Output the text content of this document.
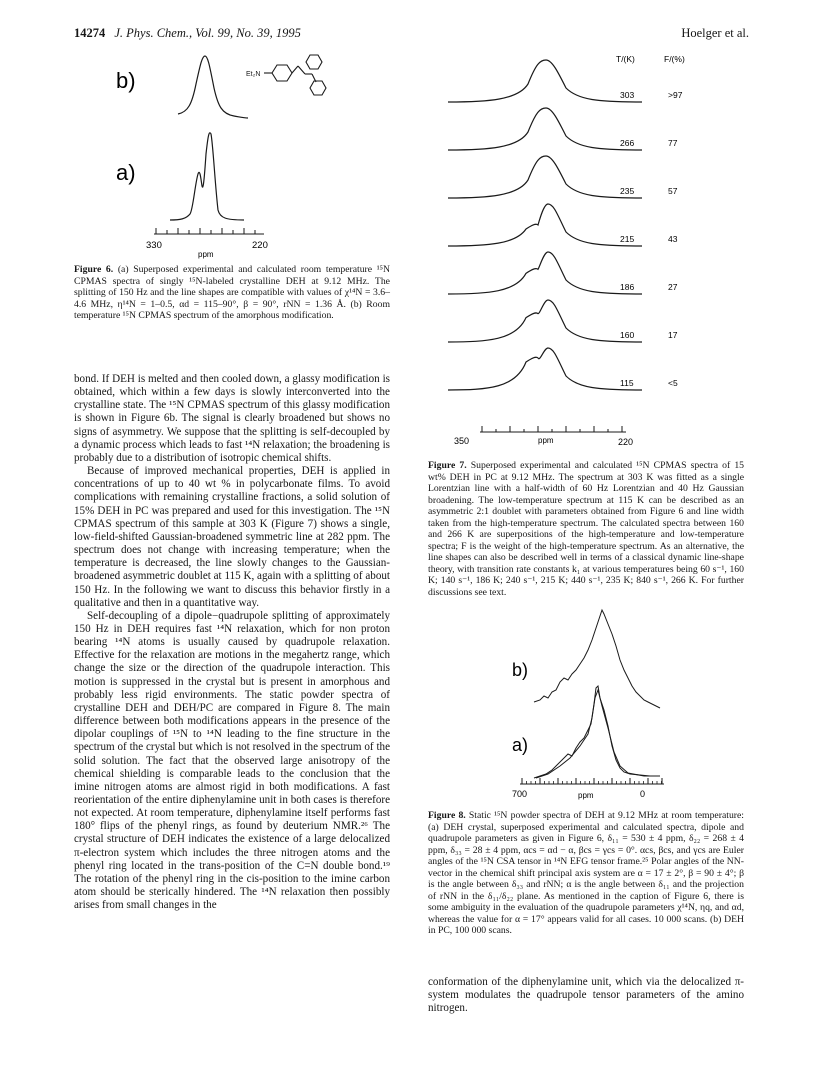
14274 J. Phys. Chem., Vol. 99, No. 39, 1995	Hoelger et al.
b)	Et₂N
a)
330	220
ppm
Figure 6. (a) Superposed experimental and calculated room temperature ¹⁵N CPMAS spectra of singly ¹⁵N-labeled crystalline DEH at 9.12 MHz. The splitting of 150 Hz and the line shapes are compatible with values of χ¹⁴N = 3.6–4.6 MHz, η¹⁴N = 1–0.5, αd = 115–90°, β = 90°, rNN = 1.36 Å. (b) Room temperature ¹⁵N CPMAS spectrum of the amorphous modification.

bond. If DEH is melted and then cooled down, a glassy modification is obtained, which within a few days is slowly interconverted into the crystalline state. The ¹⁵N CPMAS spectrum of this glassy modification is shown in Figure 6b. The signal is clearly broadened but shows no signs of asymmetry. We suppose that the splitting is self-decoupled by a dynamic process which leads to fast ¹⁴N relaxation; the broadening is probably due to a distribution of isotropic chemical shifts.

Because of improved mechanical properties, DEH is applied in concentrations of up to 40 wt % in polycarbonate films. To avoid complications with remaining crystalline fractions, a solid solution of 15% DEH in PC was prepared and used for this investigation. The ¹⁵N CPMAS spectrum of this sample at 303 K (Figure 7) shows a single, low-field-shifted Gaussian-broadened symmetric line at 282 ppm. The spectrum does not change with increasing temperature; when the temperature is decreased, the line slowly changes to the Gaussian-broadened asymmetric doublet at 115 K, again with a splitting of about 150 Hz. In the following we want to discuss this behavior firstly in a qualitative and then in a quantitative way.

Self-decoupling of a dipole−quadrupole splitting of approximately 150 Hz in DEH requires fast ¹⁴N relaxation, which for non proton bearing ¹⁴N atoms is usually caused by quadrupole relaxation. Effective for the relaxation are motions in the megahertz range, which change the size or the direction of the quadrupole interaction. This motion is suppressed in the crystal but is present in amorphous and probably less rigid environments. The static powder spectra of crystalline DEH and DEH/PC are compared in Figure 8. The main difference between both modifications appears in the presence of the dipolar couplings of ¹⁵N to ¹⁴N leading to the fine structure in the spectrum of the crystal but which is not resolved in the spectrum of the solid solution. The fact that the observed large anisotropy of the chemical shielding is comparable leads to the conclusion that the imine nitrogen atoms are almost rigid in both modifications. A fast reorientation of the entire diphenylamine unit in both cases is therefore not expected. At room temperature, diphenylamine itself performs fast 180° flips of the phenyl rings, as found by deuterium NMR.²⁶ The crystal structure of DEH indicates the existence of a large delocalized π-electron system which includes the three nitrogen atoms and the phenyl ring located in the trans-position of the C=N double bond.¹⁹ The rotation of the phenyl ring in the cis-position to the imine carbon atom should be sterically hindered. The ¹⁴N relaxation then possibly arises from small changes in the

T/(K)	F/(%)
303	>97
266	77
235	57
215	43
186	27
160	17
115	<5
350	220
ppm
Figure 7. Superposed experimental and calculated ¹⁵N CPMAS spectra of 15 wt% DEH in PC at 9.12 MHz. The spectrum at 303 K was fitted as a single Lorentzian line with a half-width of 60 Hz Lorentzian and 40 Hz Gaussian broadening. The low-temperature spectrum at 115 K can be described as an asymmetric 2:1 doublet with parameters obtained from Figure 6 and line width taken from the high-temperature spectrum. The calculated spectra between 160 and 266 K are superpositions of the high-temperature and low-temperature spectra; F is the weight of the high-temperature spectrum. As an alternative, the line shapes can also be described well in terms of a classical dynamic line-shape theory, with transition rate constants k₁ at various temperatures being 60 s⁻¹, 160 K; 140 s⁻¹, 186 K; 240 s⁻¹, 215 K; 440 s⁻¹, 235 K; 840 s⁻¹, 266 K. For further discussions see text.
b)
a)
700	0
ppm
Figure 8. Static ¹⁵N powder spectra of DEH at 9.12 MHz at room temperature: (a) DEH crystal, superposed experimental and calculated spectra, dipole and quadrupole parameters as given in Figure 6, δ₁₁ = 530 ± 4 ppm, δ₂₂ = 268 ± 4 ppm, δ₃₃ = 28 ± 4 ppm, αcs = αd − α, βcs = γcs = 0°. αcs, βcs, and γcs are Euler angles of the ¹⁵N CSA tensor in ¹⁴N EFG tensor frame.²⁵ Polar angles of the NN-vector in the chemical shift principal axis system are α = 17 ± 2°, β = 90 ± 4°; β is the angle between δ₃₃ and rNN; α is the angle between δ₁₁ and the projection of rNN in the δ₁₁/δ₂₂ plane. As mentioned in the caption of Figure 6, there is some ambiguity in the evaluation of the quadrupole parameters χ¹⁴N, ηq, and αd, whereas the value for α = 17° appears valid for all cases. 10 000 scans. (b) DEH in PC, 100 000 scans.

conformation of the diphenylamine unit, which via the delocalized π-system modulates the quadrupole tensor parameters of the amino nitrogen.
